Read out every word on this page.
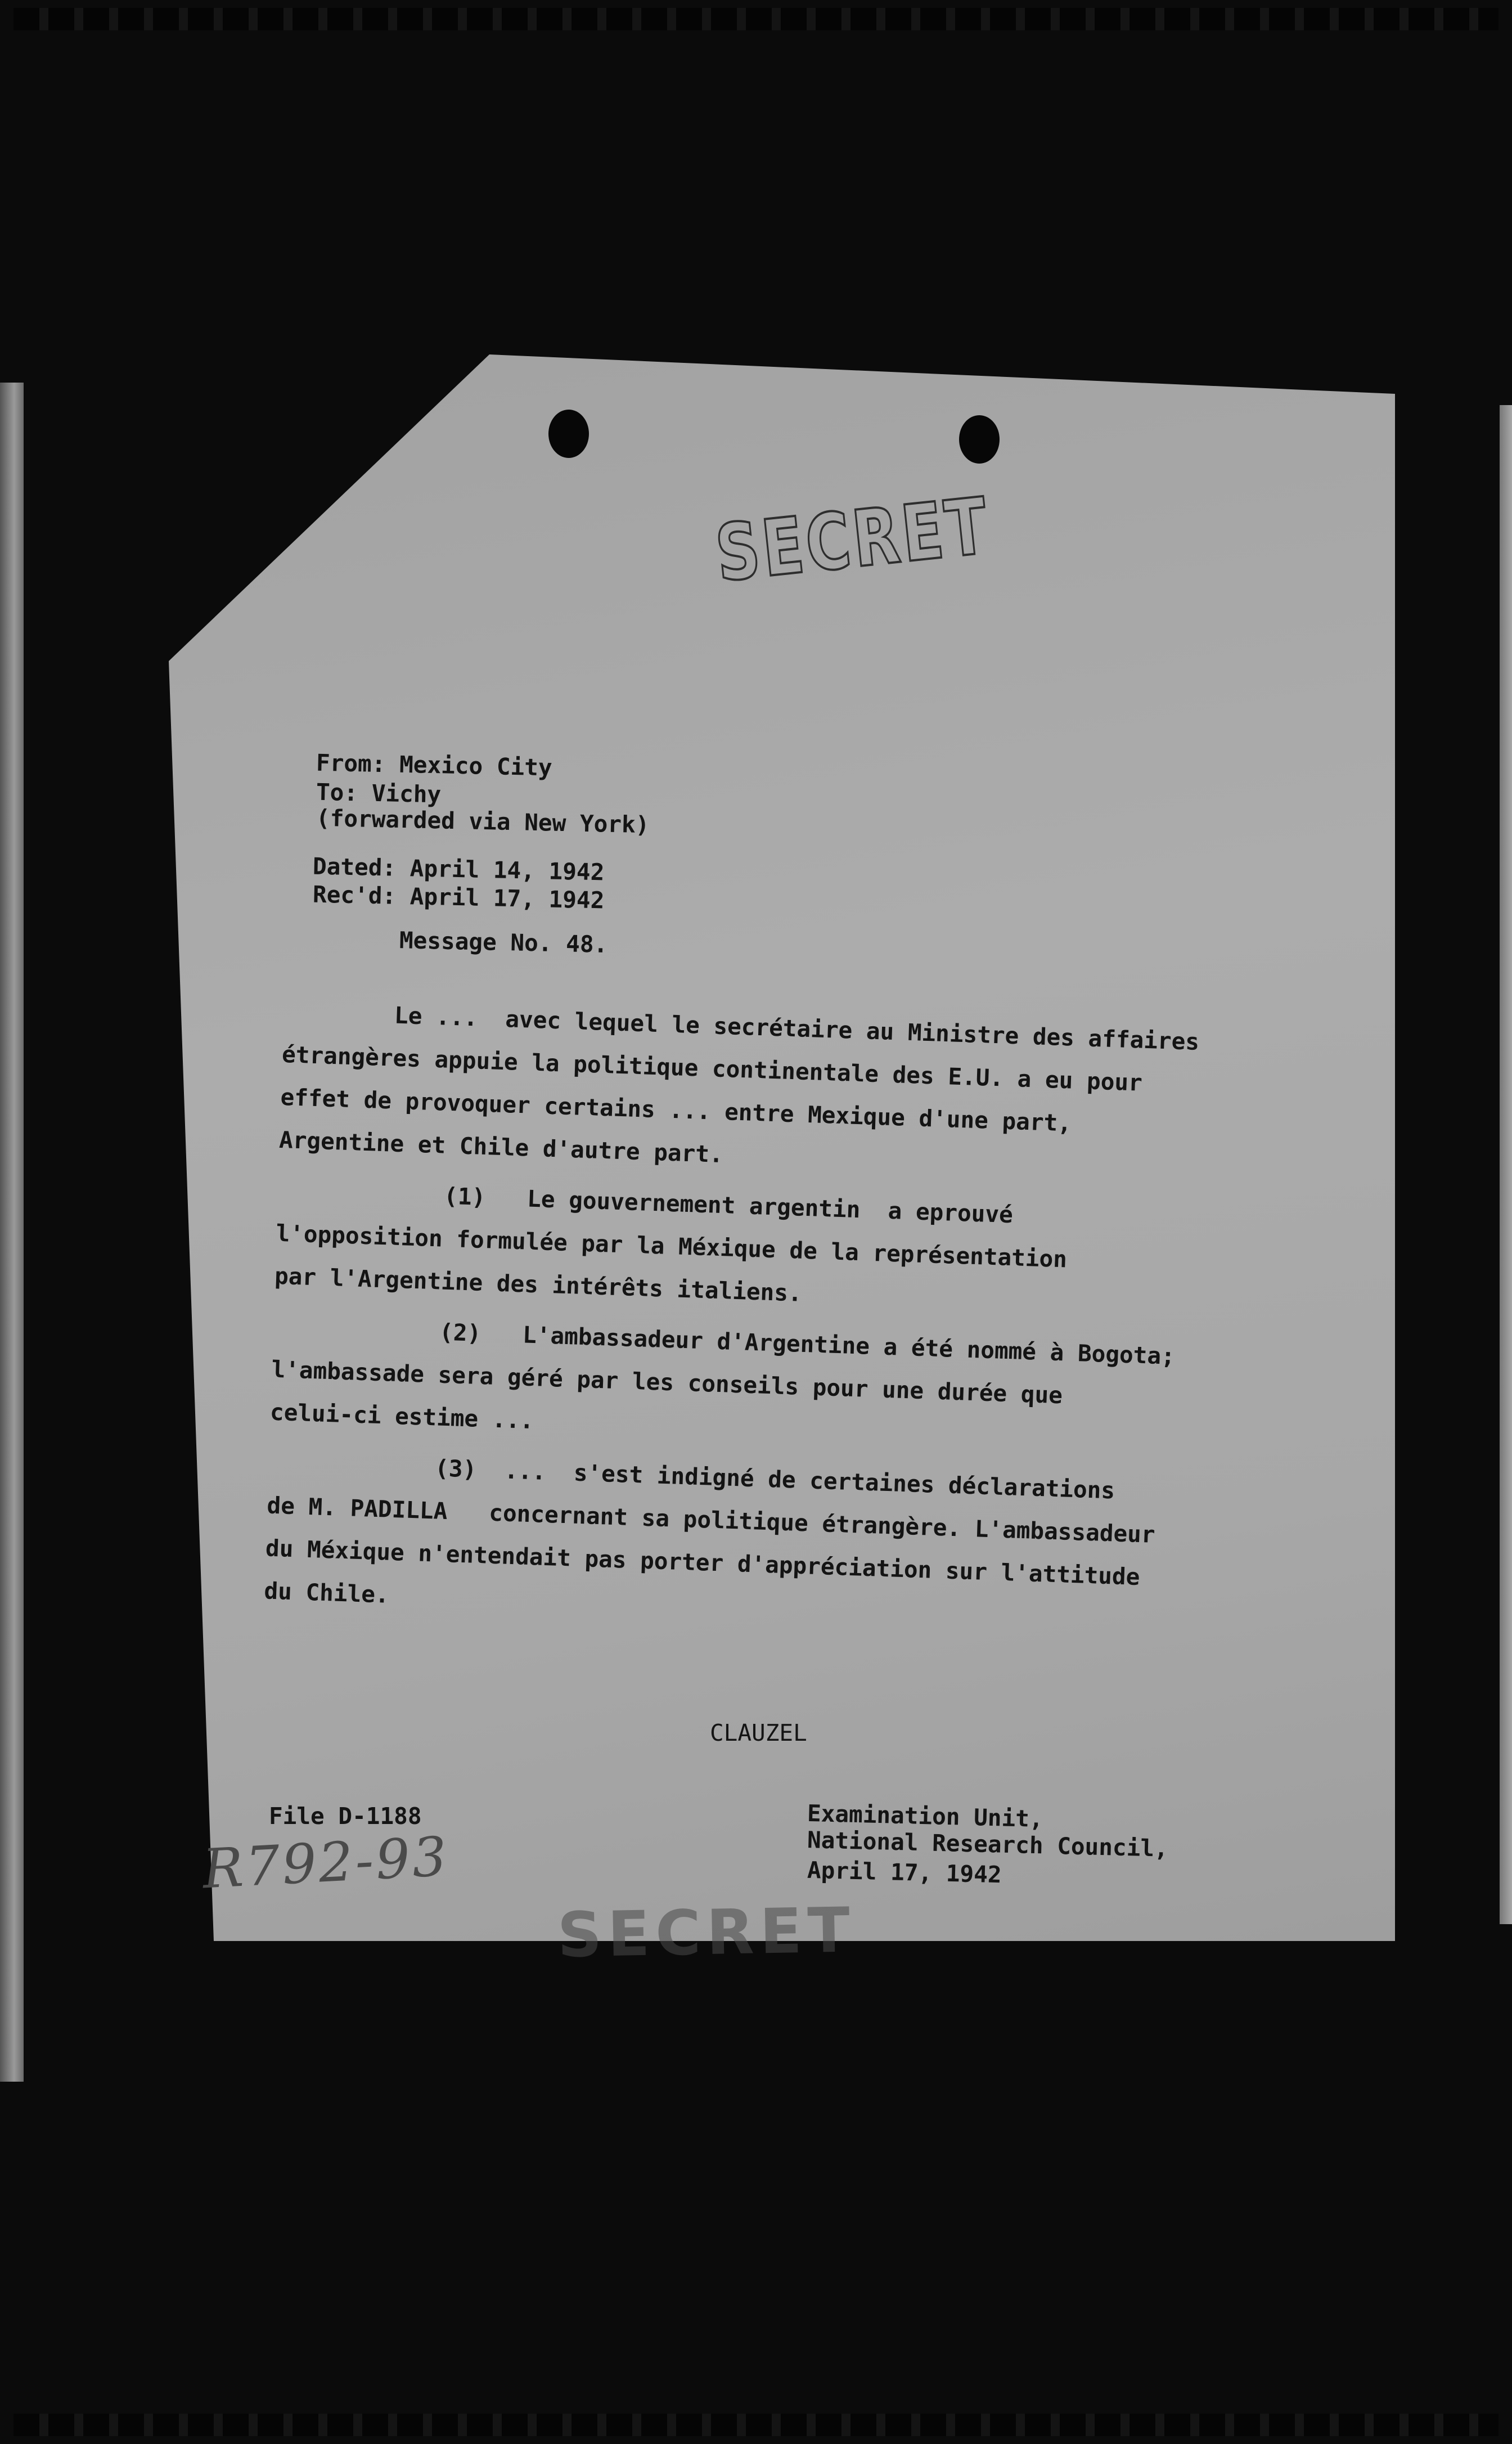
SECRET
From: Mexico City
To: Vichy
(forwarded via New York)
Dated: April 14, 1942
Rec'd: April 17, 1942
Message No. 48.
Le ...  avec lequel le secrétaire au Ministre des affaires
étrangères appuie la politique continentale des E.U. a eu pour
effet de provoquer certains ... entre Mexique d'une part,
Argentine et Chile d'autre part.
(1)   Le gouvernement argentin  a eprouvé
l'opposition formulée par la Méxique de la représentation
par l'Argentine des intérêts italiens.
(2)   L'ambassadeur d'Argentine a été nommé à Bogota;
l'ambassade sera géré par les conseils pour une durée que
celui-ci estime ...
(3)  ...  s'est indigné de certaines déclarations
de M. PADILLA   concernant sa politique étrangère. L'ambassadeur
du Méxique n'entendait pas porter d'appréciation sur l'attitude
du Chile.
CLAUZEL
File D-1188
R792-93
Examination Unit,
National Research Council,
April 17, 1942
SECRET
